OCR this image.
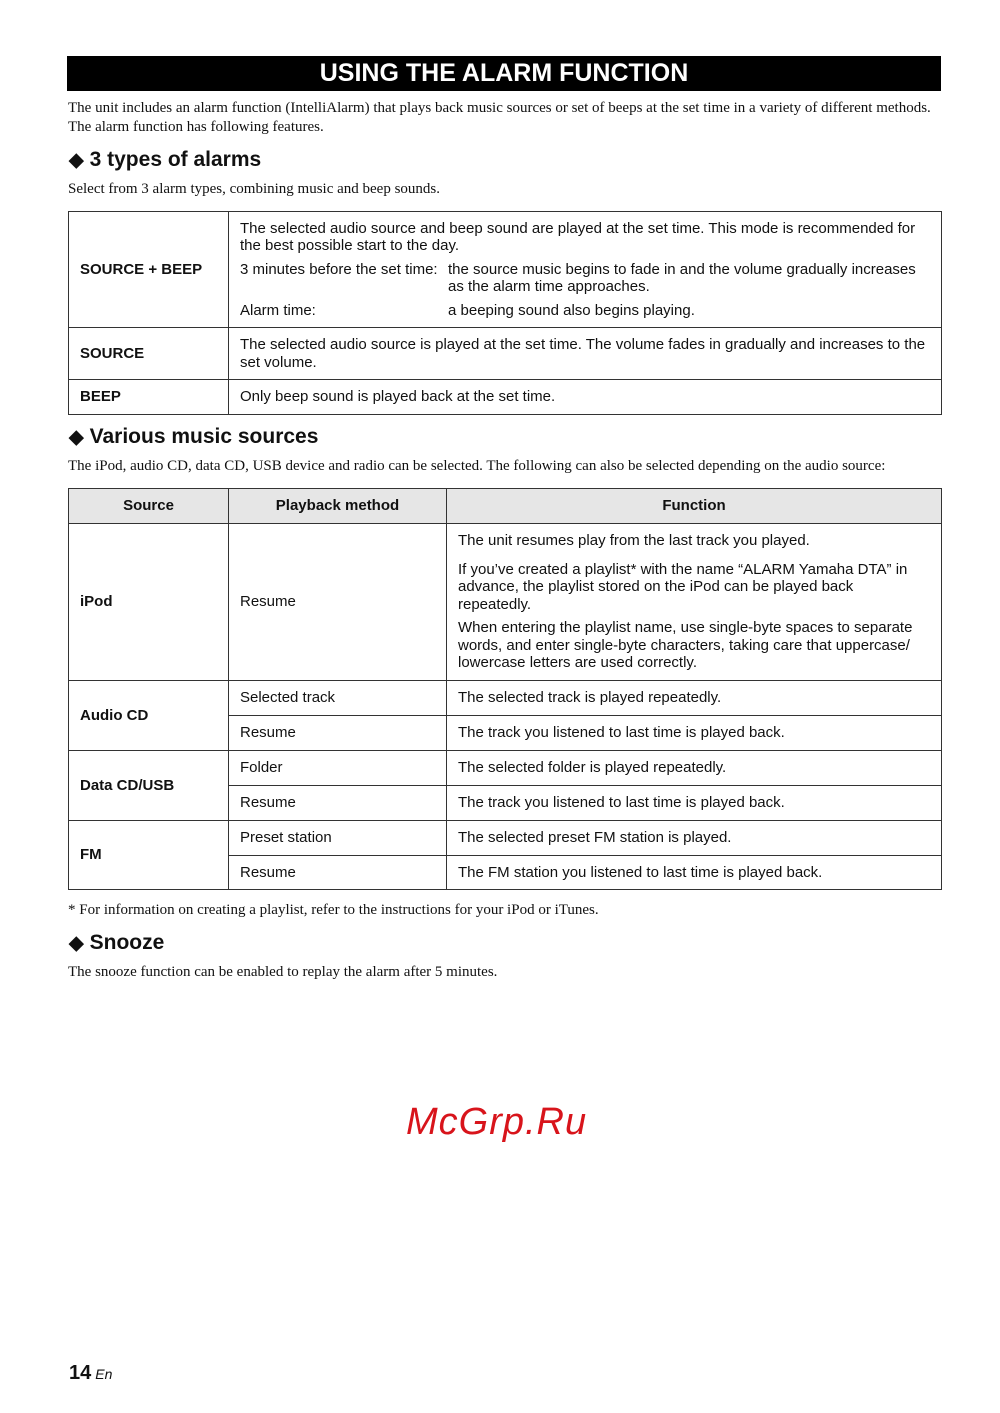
USING THE ALARM FUNCTION
The unit includes an alarm function (IntelliAlarm) that plays back music sources or set of beeps at the set time in a variety of different methods. The alarm function has following features.
◆ 3 types of alarms
Select from 3 alarm types, combining music and beep sounds.
SOURCE + BEEP	The selected audio source and beep sound are played at the set time. This mode is recommended for the best possible start to the day.
3 minutes before the set time: the source music begins to fade in and the volume gradually increases as the alarm time approaches.
Alarm time: a beeping sound also begins playing.

SOURCE	The selected audio source is played at the set time. The volume fades in gradually and increases to the set volume.
BEEP	Only beep sound is played back at the set time.
◆ Various music sources
The iPod, audio CD, data CD, USB device and radio can be selected. The following can also be selected depending on the audio source:
Source	Playback method	Function
iPod	Resume	The unit resumes play from the last track you played.
If you’ve created a playlist* with the name “ALARM Yamaha DTA” in advance, the playlist stored on the iPod can be played back repeatedly.
When entering the playlist name, use single-byte spaces to separate words, and enter single-byte characters, taking care that uppercase/ lowercase letters are used correctly.

Audio CD	Selected track	The selected track is played repeatedly.
	Resume	The track you listened to last time is played back.
Data CD/USB	Folder	The selected folder is played repeatedly.
	Resume	The track you listened to last time is played back.
FM	Preset station	The selected preset FM station is played.
	Resume	The FM station you listened to last time is played back.
* For information on creating a playlist, refer to the instructions for your iPod or iTunes.
◆ Snooze
The snooze function can be enabled to replay the alarm after 5 minutes.
McGrp.Ru
14 En
